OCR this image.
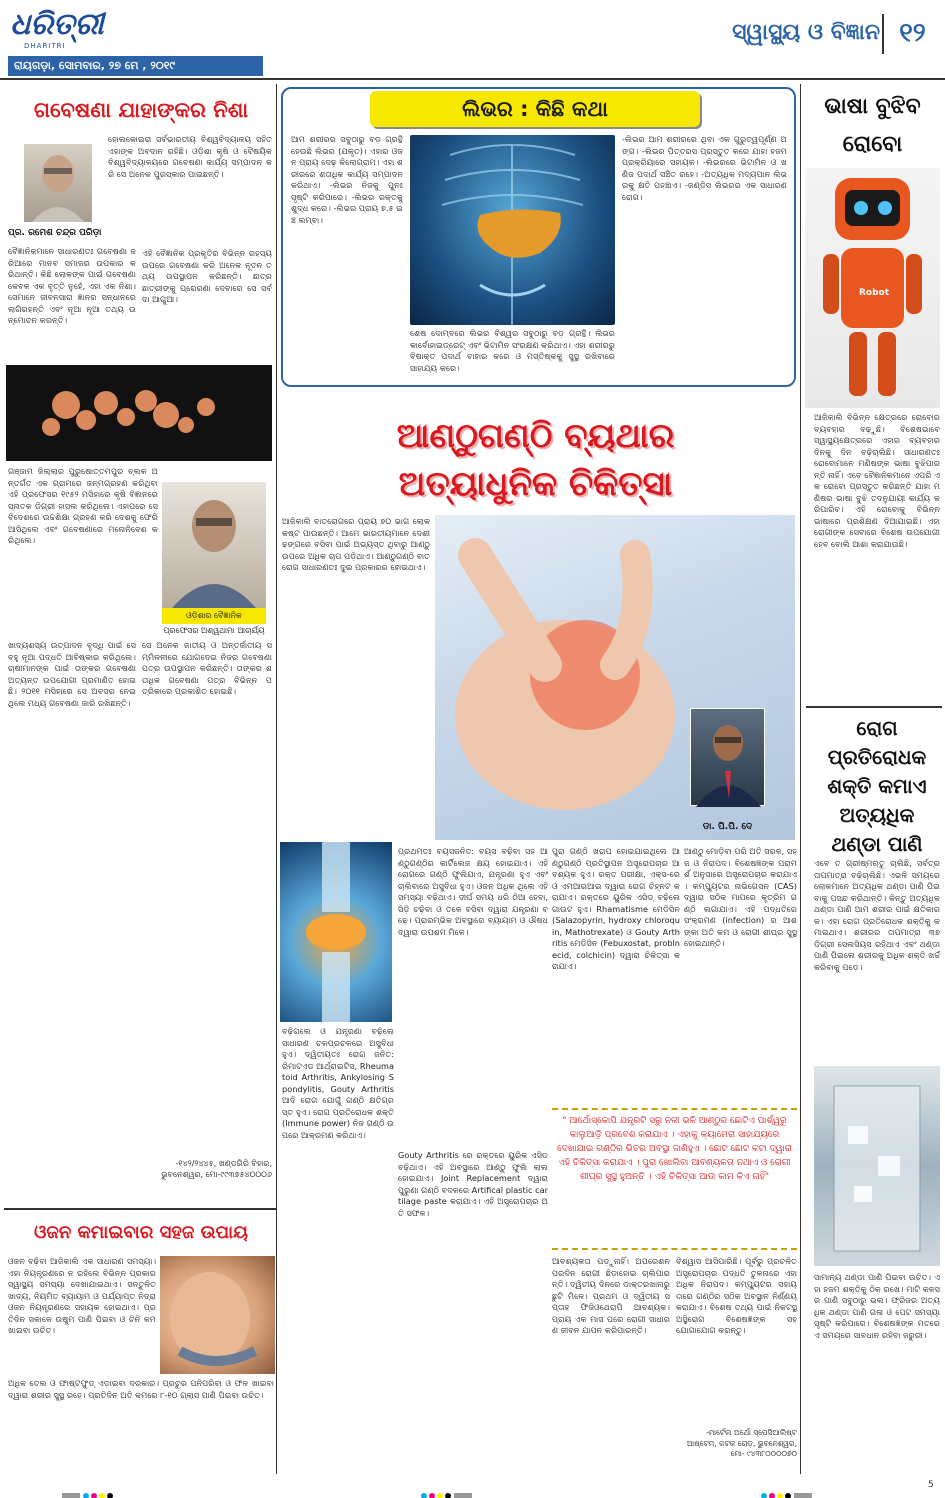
ଧରିତ୍ରୀ
DHARITRI
ରାୟଗଡ଼ା, ସୋମବାର, ୨୭ ମେ , ୨୦୧୯
ସ୍ୱାସ୍ଥ୍ୟ ଓ ବିଜ୍ଞାନ ୧୨
ଗବେଷଣା ଯାହାଙ୍କର ନିଶା
ପ୍ର. ରମେଶ ଚନ୍ଦ୍ର ପରିଡ଼ା
ବୈଜ୍ଞାନିକମାନେ ସାଧାରଣତଃ ଗବେଷଣା ଜରିଆରେ ମାନବ ସମାଜର ଉପକାର କରିଥାନ୍ତି। କିଛି ଲୋକଙ୍କ ପାଇଁ ଗବେଷଣା କେବଳ ଏକ ବୃତ୍ତି ନୁହେଁ, ଏହା ଏକ ନିଶା। ସେମାନେ ଜୀବନସାରା ଜ୍ଞାନର ସନ୍ଧାନରେ ଲାଗିରହନ୍ତି ଏବଂ ନୂଆ ନୂଆ ତଥ୍ୟ ଉନ୍ମୋଚନ କରନ୍ତି।
ହୋଲକୋଇରା ସର୍ବଭାରତୀୟ ବିଶ୍ୱବିଦ୍ୟାଳୟ ସହିତ ଏହାଙ୍କ ଅବଦାନ ରହିଛି। ଓଡ଼ିଶା କୃଷି ଓ ବୈଷୟିକ ବିଶ୍ୱବିଦ୍ୟାଳୟରେ ଗବେଷଣା କାର୍ଯ୍ୟ ସମ୍ପାଦନ କରି ସେ ଅନେକ ପୁରସ୍କାର ପାଇଛନ୍ତି।
ଏହି ବୈଜ୍ଞାନିକ ପ୍ରକୃତିର ବିଭିନ୍ନ ରହସ୍ୟ ଉପରେ ଗବେଷଣା କରି ଅନେକ ନୂତନ ତଥ୍ୟ ଉପସ୍ଥାପନ କରିଛନ୍ତି। ଛାତ୍ରଛାତ୍ରୀଙ୍କୁ ପ୍ରେରଣା ଦେବାରେ ସେ ସର୍ବଦା ଆଗୁଆ।
ଗଞ୍ଜାମ ଜିଲ୍ଲାର ପୁରୁଷୋତ୍ତମପୁର ବ୍ଲକ ଅନ୍ତର୍ଗତ ଏକ ଗ୍ରାମରେ ଜନ୍ମଗ୍ରହଣ କରିଥିବା ଏହି ପ୍ରଫେସର ୧୯୫୨ ମସିହାରେ କୃଷି ବିଜ୍ଞାନରେ ସ୍ନାତକ ଡିଗ୍ରୀ ହାସଲ କରିଥିଲେ। ଏହାପରେ ସେ ବିଦେଶରେ ଉଚ୍ଚଶିକ୍ଷା ଗ୍ରହଣ କରି ଦେଶକୁ ଫେରି ଆସିଥିଲେ ଏବଂ ଗବେଷଣାରେ ମନୋନିବେଶ କରିଥିଲେ।
ଓଡ଼ିଶାର ବୈଜ୍ଞାନିକ
ପ୍ରଫେସର ଅଶ୍ୱଥାମା ଆଚାର୍ଯ୍ୟ
ଖାଦ୍ୟଶସ୍ୟ ଉତ୍ପାଦନ ବୃଦ୍ଧି ପାଇଁ ସେ ବହୁ ନୂଆ ପଦ୍ଧତି ଆବିଷ୍କାର କରିଥିଲେ। ଚାଷୀମାନଙ୍କ ପାଇଁ ତାଙ୍କର ଗବେଷଣା ଅତ୍ୟନ୍ତ ଉପଯୋଗୀ ପ୍ରମାଣିତ ହୋଇଛି। ୨୦୧୧ ମସିହାରେ ସେ ଅବସର ନେଇଥିଲେ ମଧ୍ୟ ଗବେଷଣା ଜାରି ରଖିଛନ୍ତି।
ସେ ଅନେକ ଜାତୀୟ ଓ ଅନ୍ତର୍ଜାତୀୟ ସମ୍ମିଳନୀରେ ଯୋଗଦେଇ ନିଜର ଗବେଷଣା ପତ୍ର ଉପସ୍ଥାପନ କରିଛନ୍ତି। ତାଙ୍କର ଶତାଧିକ ଗବେଷଣା ପତ୍ର ବିଭିନ୍ନ ପତ୍ରିକାରେ ପ୍ରକାଶିତ ହୋଇଛି।
-୧୪୨/୨୪୪୫, ଖଣ୍ଡଗିରି ବିହାର, ଭୁବନେଶ୍ୱର, ମୋ-୯୯୩୭୫୪୦୦୦୬
ଓଜନ କମାଇବାର ସହଜ ଉପାୟ
ଓଜନ ବଢ଼ିବା ଆଜିକାଲି ଏକ ସାଧାରଣ ସମସ୍ୟା। ଏହା ନିୟନ୍ତ୍ରଣରେ ନ ରହିଲେ ବିଭିନ୍ନ ପ୍ରକାର ସ୍ୱାସ୍ଥ୍ୟ ସମସ୍ୟା ଦେଖାଯାଇଥାଏ। ସନ୍ତୁଳିତ ଖାଦ୍ୟ, ନିୟମିତ ବ୍ୟାୟାମ ଓ ପର୍ଯ୍ୟାପ୍ତ ନିଦ୍ରା ଓଜନ ନିୟନ୍ତ୍ରଣରେ ସହାୟକ ହୋଇଥାଏ। ପ୍ରତିଦିନ ସକାଳେ ଉଷୁମ ପାଣି ପିଇବା ଓ ଚିନି କମ ଖାଇବା ଉଚିତ।
ଅଧିକ ତେଲ ଓ ଫାଷ୍ଟଫୁଡ୍ ଏଡ଼ାଇବା ଦରକାର। ପ୍ରଚୁର ପନିପରିବା ଓ ଫଳ ଖାଇବା ଦ୍ୱାରା ଶରୀର ସୁସ୍ଥ ରହେ। ପ୍ରତିଦିନ ଅତି କମରେ ୮-୧୦ ଗ୍ଲାସ ପାଣି ପିଇବା ଉଚିତ।
ଲିଭର : କିଛି କଥା
ଆମ ଶରୀରର ସବୁଠାରୁ ବଡ଼ ଗ୍ରନ୍ଥି ହେଉଛି ଲିଭର (ଯକୃତ)। ଏହାର ଓଜନ ପ୍ରାୟ ଦେଢ଼ କିଲୋଗ୍ରାମ। ଏହା ଶରୀରରେ ଶତାଧିକ କାର୍ଯ୍ୟ ସମ୍ପାଦନ କରିଥାଏ। -ଲିଭର ନିଜକୁ ପୁନଃ ସୃଷ୍ଟି କରିପାରେ। -ଲିଭର ରକ୍ତକୁ ଶୁଦ୍ଧ କରେ। -ଲିଭର ପ୍ରାୟ ୭.୫ ଇଞ୍ଚ ଲମ୍ବା।
-ଲିଭର ଆମ ଶରୀରରେ ଥିବା ଏକ ଗୁରୁତ୍ୱପୂର୍ଣ୍ଣ ଅଙ୍ଗ। -ଲିଭର ପିତ୍ତରସ ପ୍ରସ୍ତୁତ କରେ ଯାହା ହଜମ ପ୍ରକ୍ରିୟାରେ ସହାୟକ। -ଲିଭରରେ ଭିଟାମିନ ଓ ଖଣିଜ ପଦାର୍ଥ ସଞ୍ଚିତ ରହେ। -ଅତ୍ୟଧିକ ମଦ୍ୟପାନ ଲିଭରକୁ କ୍ଷତି ପହଞ୍ଚାଏ। -ଜଣ୍ଡିସ ଲିଭରର ଏକ ସାଧାରଣ ରୋଗ।
ଶେଷ ଦୋମ୍ବରେ ଲିଭର ବିଶ୍ୱର ସବୁଠାରୁ ବଡ଼ ଗ୍ରନ୍ଥି। ଲିଭର କାର୍ବୋହାଇଡ୍ରେଟ୍ ଏବଂ ଭିଟାମିନ ସଂରକ୍ଷଣ କରିଥାଏ। ଏହା ଶରୀରରୁ ବିଷାକ୍ତ ପଦାର୍ଥ ବାହାର କରେ ଓ ମସ୍ତିଷ୍କକୁ ସୁସ୍ଥ ରଖିବାରେ ସାହାଯ୍ୟ କରେ।
ଆଣ୍ଠୁଗଣ୍ଠି ବ୍ୟଥାର
ଅତ୍ୟାଧୁନିକ ଚିକିତ୍ସା
ଆଜିକାଲି ବାତରୋଗରେ ପ୍ରାୟ ୭୦ ଭାଗ ଲୋକ କଷ୍ଟ ପାଉଛନ୍ତି। ଆମେ ଭାରତୀୟମାନେ ଦେଶୀ ଢଙ୍ଗରେ ବସିବା ପାଇଁ ଅଭ୍ୟସ୍ତ ଥିବାରୁ ଆଣ୍ଠୁ ଉପରେ ଅଧିକ ଚାପ ପଡ଼ିଥାଏ। ଆଣ୍ଠୁଗଣ୍ଠି ବାତରୋଗ ସାଧାରଣତଃ ଦୁଇ ପ୍ରକାରର ହୋଇଥାଏ।
ଡା. ପି.ପି. ଦେ
ପ୍ରଥମତଃ ବୟସଜନିତ: ବୟସ ବଢ଼ିବା ସହ ଆଣ୍ଠୁଗଣ୍ଠିର କାର୍ଟିଲେଜ କ୍ଷୟ ହୋଇଯାଏ। ଏହି ରୋଗରେ ଗଣ୍ଠି ଫୁଲିଯାଏ, ଯନ୍ତ୍ରଣା ହୁଏ ଏବଂ ଚାଲିବାରେ ଅସୁବିଧା ହୁଏ। ଓଜନ ଅଧିକ ଥିଲେ ଏହି ସମସ୍ୟା ବଢ଼ିଥାଏ। ଦୀର୍ଘ ସମୟ ଧରି ଠିଆ ହେବା, ସିଡ଼ି ଚଢ଼ିବା ଓ ତଳେ ବସିବା ଦ୍ୱାରା ଯନ୍ତ୍ରଣା ବଢ଼େ। ପ୍ରାରମ୍ଭିକ ଅବସ୍ଥାରେ ବ୍ୟାୟାମ ଓ ଔଷଧ ଦ୍ୱାରା ଉପଶମ ମିଳେ।
Gouty Arthritis ରେ ରକ୍ତରେ ୟୁରିକ ଏସିଡ ବଢ଼ିଥାଏ। ଏହି ଅବସ୍ଥାରେ ଆଣ୍ଠୁ ଫୁଲି ଲାଲ ହୋଇଯାଏ। Joint Replacement ଦ୍ୱାରା ପୁରୁଣା ଗଣ୍ଠି ବଦଳରେ Artifical plastic cartilage paste କରାଯାଏ। ଏହି ଅସ୍ତ୍ରୋପଚାର ଅତି ସଫଳ।
ବଢ଼ିଗଲେ ଓ ଯନ୍ତ୍ରଣା ବଢ଼ିଲେ ସାଧାରଣ ଚଳପ୍ରଚଳରେ ଅସୁବିଧା ହୁଏ। ଦ୍ୱିତୀୟତଃ ରୋଗ ଜନିତ: ରିମାଟଏଡ ଆର୍ଥ୍ରାଇଟିସ, Rheumatoid Arthritis, Ankylosing Spondylitis, Gouty Arthritis ଆଦି ରୋଗ ଯୋଗୁଁ ଗଣ୍ଠି କ୍ଷତିଗ୍ରସ୍ତ ହୁଏ। ରୋଗ ପ୍ରତିରୋଧକ ଶକ୍ତି (Immune power) ନିଜ ଗଣ୍ଠି ଉପରେ ଆକ୍ରମଣ କରିଥାଏ।
ପୁରା ଗଣ୍ଠି ଖରାପ ହୋଇଯାଇଥିଲେ ଆଣ୍ଠୁଗଣ୍ଠି ପ୍ରତିସ୍ଥାପନ ଅସ୍ତ୍ରୋପଚାର ଆବଶ୍ୟକ ହୁଏ। ରକ୍ତ ପରୀକ୍ଷା, ଏକ୍ସ-ରେ ଓ ଏମଆରଆଇ ଦ୍ୱାରା ରୋଗ ଚିହ୍ନଟ କରାଯାଏ। ରକ୍ତରେ ୟୁରିକ ଏସିଡ୍ ବଢ଼ିଲେ ଗାଉଟ ହୁଏ। Rhamatisme ମେଡିସିନ (Salazopyrin, hydroxy chloroquin, Mathotrexate) ଓ Gouty Arthritis ମେଡିସିନ (Febuxostat, problnecid, colchicin) ଦ୍ୱାରା ଚିକିତ୍ସା କରାଯାଏ।
ଆଣ୍ଠୁ ମୋଡ଼ିବା ପରି ଅତି ସରଳ, ସହଜ ଓ ନିରାପଦ। ବିଶେଷଜ୍ଞଙ୍କ ପରାମର୍ଶ ଅନୁସାରେ ଅସ୍ତ୍ରୋପଚାର କରାଯାଏ। କମ୍ପ୍ୟୁଟର ନାଭିଗେସନ (CAS) ଦ୍ୱାରା ସଠିକ ମାପରେ କୃତ୍ରିମ ଗଣ୍ଠି ଲଗାଯାଏ। ଏହି ପଦ୍ଧତିରେ ସଂକ୍ରମଣ (infection) ର ଆଶଙ୍କା ଅତି କମ ଓ ରୋଗୀ ଶୀଘ୍ର ସୁସ୍ଥ ହୋଇଥାନ୍ତି।
" ଆର୍ଥୋସ୍କୋପି ଯନ୍ତ୍ରଟି ସରୁ ନଳୀ ଭଳି ଆଣ୍ଠୁର ଛୋଟିଏ ପାର୍ଶ୍ୱରୁ କାଲୁଆଡ଼ି ପ୍ରବେଶ କରାଯାଏ । ଏହାକୁ କ୍ୟାମେରା ସାହାଯ୍ୟରେ ଦେଖାଯାଇ ଗଣ୍ଠିର ଭିତର ଅବସ୍ଥା ଜାଣିହୁଏ । ଛୋଟ ଛୋଟ କଟା ଦ୍ୱାରା ଏହି ଚିକିତ୍ସା କରାଯାଏ । ପୁରା ଖୋଲିବା ଆବଶ୍ୟକତା ନଥାଏ ଓ ରୋଗୀ ଶୀଘ୍ର ସୁସ୍ଥ ହୁଅନ୍ତି । ଏହି ଚିକିତ୍ସା ଆଉ କାମ କିଏ ନାହିଁ"
ଆବଶ୍ୟକତା ପଡ଼ୁନାହିଁ। ଅପରେଶନ ପରଦିନ ରୋଗୀ ଛିଡ଼ାହୋଇ ଚାଲିପାରନ୍ତି। ଦ୍ୱିତୀୟ ଦିନରେ ଡାକ୍ତରଖାନାରୁ ଛୁଟି ମିଳେ। ପ୍ରଥମ ଓ ଦ୍ୱିତୀୟ ସପ୍ତାହ ଫିଜିଓଥେରାପି ଆବଶ୍ୟକ। ପ୍ରାୟ ଏକ ମାସ ପରେ ରୋଗୀ ସାଧାରଣ ଜୀବନ ଯାପନ କରିପାରନ୍ତି।
ବିଶ୍ୱାସ ଆସିପାରିଛି। ପୂର୍ବରୁ ପ୍ରଚଳିତ ଅସ୍ତ୍ରୋପଚାର ପଦ୍ଧତି ତୁଳନାରେ ଏହା ଅଧିକ ନିରାପଦ। କମ୍ପ୍ୟୁଟର ସହାୟତାରେ ଗଣ୍ଠିର ସଠିକ ଅବସ୍ଥାନ ନିର୍ଣ୍ଣୟ କରାଯାଏ। ବିଶେଷ ତଥ୍ୟ ପାଇଁ ନିକଟସ୍ଥ ଅସ୍ଥିରୋଗ ବିଶେଷଜ୍ଞଙ୍କ ସହ ଯୋଗାଯୋଗ କରନ୍ତୁ।
-ମାର୍ଟେଲ ଅର୍ଥୋ ସ୍ପେସିଆଲିଷ୍ଟ ଆଷ୍ଟେମ, କଟକ ରୋଡ଼, ଭୁବନେଶ୍ୱର, ମୋ- ୯୪୩୮୦୦୦୦୭୦
ଭାଷା ବୁଝିବ ରୋବୋ
Robot
ଆଜିକାଲି ବିଭିନ୍ନ କ୍ଷେତ୍ରରେ ରୋବୋର ବ୍ୟବହାର ବଢ଼ୁଛି। ବିଶେଷଭାବେ ସ୍ୱାସ୍ଥ୍ୟକ୍ଷେତ୍ରରେ ଏହାର ବ୍ୟବହାର ଦିନକୁ ଦିନ ବଢ଼ିଚାଲିଛି। ସାଧାରଣତଃ ରୋବୋମାନେ ମଣିଷଙ୍କ ଭାଷା ବୁଝିପାରନ୍ତି ନାହିଁ। ଏବେ ବୈଜ୍ଞାନିକମାନେ ଏପରି ଏକ ରୋବୋ ପ୍ରସ୍ତୁତ କରିଛନ୍ତି ଯାହା ମଣିଷର ଭାଷା ବୁଝି ତଦନୁଯାୟୀ କାର୍ଯ୍ୟ କରିପାରିବ। ଏହି ରୋବୋକୁ ବିଭିନ୍ନ ଭାଷାରେ ପ୍ରଶିକ୍ଷଣ ଦିଆଯାଇଛି। ଏହା ରୋଗୀଙ୍କ ସେବାରେ ବିଶେଷ ଉପଯୋଗୀ ହେବ ବୋଲି ଆଶା କରାଯାଉଛି।
ରୋଗ ପ୍ରତିରୋଧକ ଶକ୍ତି କମାଏ ଅତ୍ୟଧିକ ଥଣ୍ଡା ପାଣି
ଏବେ ତ ଗ୍ରୀଷ୍ମଋତୁ ଚାଲିଛି, ସର୍ବତ୍ର ତାପମାତ୍ରା ବଢ଼ିଚାଲିଛି। ଏଭଳି ସମୟରେ ଲୋକମାନେ ଅତ୍ୟଧିକ ଥଣ୍ଡା ପାଣି ପିଇବାକୁ ପସନ୍ଦ କରିଥାନ୍ତି। କିନ୍ତୁ ଅତ୍ୟଧିକ ଥଣ୍ଡା ପାଣି ଆମ ଶରୀର ପାଇଁ କ୍ଷତିକାରକ। ଏହା ରୋଗ ପ୍ରତିରୋଧକ ଶକ୍ତିକୁ କମାଇଥାଏ। ଶରୀରର ତାପମାତ୍ରା ୩୭ ଡିଗ୍ରୀ ସେଲସିୟସ ରହିଥାଏ ଏବଂ ଥଣ୍ଡା ପାଣି ପିଇଲେ ଶରୀରକୁ ଅଧିକ ଶକ୍ତି ଖର୍ଚ୍ଚ କରିବାକୁ ପଡ଼େ।
ସାମାନ୍ୟ ଥଣ୍ଡା ପାଣି ପିଇବା ଉଚିତ। ଏହା ହଜମ ଶକ୍ତିକୁ ଠିକ ରଖେ। ମାଟି କଳସର ପାଣି ସବୁଠାରୁ ଭଲ। ଫ୍ରିଜର ଅତ୍ୟଧିକ ଥଣ୍ଡା ପାଣି ଗଳା ଓ ପେଟ ସମସ୍ୟା ସୃଷ୍ଟି କରିପାରେ। ବିଶେଷଜ୍ଞଙ୍କ ମତରେ ଏ ସମୟରେ ସାବଧାନ ରହିବା ଜରୁରୀ।
5
